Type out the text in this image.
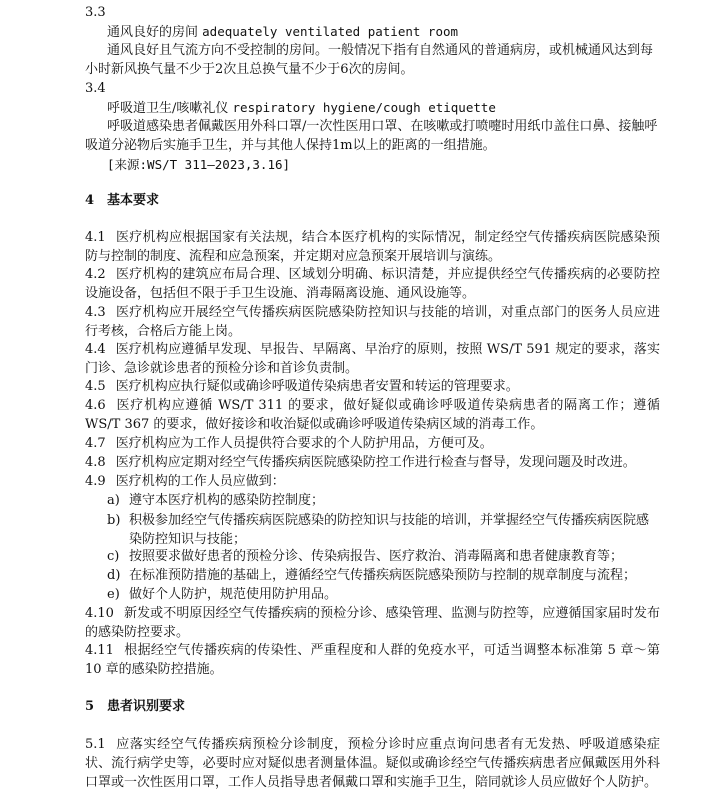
3.3
通风良好的房间 adequately ventilated patient room
通风良好且气流方向不受控制的房间。一般情况下指有自然通风的普通病房，或机械通风达到每小时新风换气量不少于2次且总换气量不少于6次的房间。
3.4
呼吸道卫生/咳嗽礼仪 respiratory hygiene/cough etiquette
呼吸道感染患者佩戴医用外科口罩/一次性医用口罩、在咳嗽或打喷嚏时用纸巾盖住口鼻、接触呼吸道分泌物后实施手卫生，并与其他人保持1m以上的距离的一组措施。
[来源:WS/T 311—2023,3.16]
4 基本要求
4.1 医疗机构应根据国家有关法规，结合本医疗机构的实际情况，制定经空气传播疾病医院感染预防与控制的制度、流程和应急预案，并定期对应急预案开展培训与演练。
4.2 医疗机构的建筑应布局合理、区域划分明确、标识清楚，并应提供经空气传播疾病的必要防控设施设备，包括但不限于手卫生设施、消毒隔离设施、通风设施等。
4.3 医疗机构应开展经空气传播疾病医院感染防控知识与技能的培训，对重点部门的医务人员应进行考核，合格后方能上岗。
4.4 医疗机构应遵循早发现、早报告、早隔离、早治疗的原则，按照 WS/T 591 规定的要求，落实门诊、急诊就诊患者的预检分诊和首诊负责制。
4.5 医疗机构应执行疑似或确诊呼吸道传染病患者安置和转运的管理要求。
4.6 医疗机构应遵循 WS/T 311 的要求，做好疑似或确诊呼吸道传染病患者的隔离工作；遵循 WS/T 367 的要求，做好接诊和收治疑似或确诊呼吸道传染病区域的消毒工作。
4.7 医疗机构应为工作人员提供符合要求的个人防护用品，方便可及。
4.8 医疗机构应定期对经空气传播疾病医院感染防控工作进行检查与督导，发现问题及时改进。
4.9 医疗机构的工作人员应做到：
a) 遵守本医疗机构的感染防控制度；
b) 积极参加经空气传播疾病医院感染的防控知识与技能的培训，并掌握经空气传播疾病医院感染防控知识与技能；
c) 按照要求做好患者的预检分诊、传染病报告、医疗救治、消毒隔离和患者健康教育等；
d) 在标准预防措施的基础上，遵循经空气传播疾病医院感染预防与控制的规章制度与流程；
e) 做好个人防护，规范使用防护用品。
4.10 新发或不明原因经空气传播疾病的预检分诊、感染管理、监测与防控等，应遵循国家届时发布的感染防控要求。
4.11 根据经空气传播疾病的传染性、严重程度和人群的免疫水平，可适当调整本标准第 5 章～第 10 章的感染防控措施。
5 患者识别要求
5.1 应落实经空气传播疾病预检分诊制度，预检分诊时应重点询问患者有无发热、呼吸道感染症状、流行病学史等，必要时应对疑似患者测量体温。疑似或确诊经空气传播疾病患者应佩戴医用外科口罩或一次性医用口罩，工作人员指导患者佩戴口罩和实施手卫生，陪同就诊人员应做好个人防护。
